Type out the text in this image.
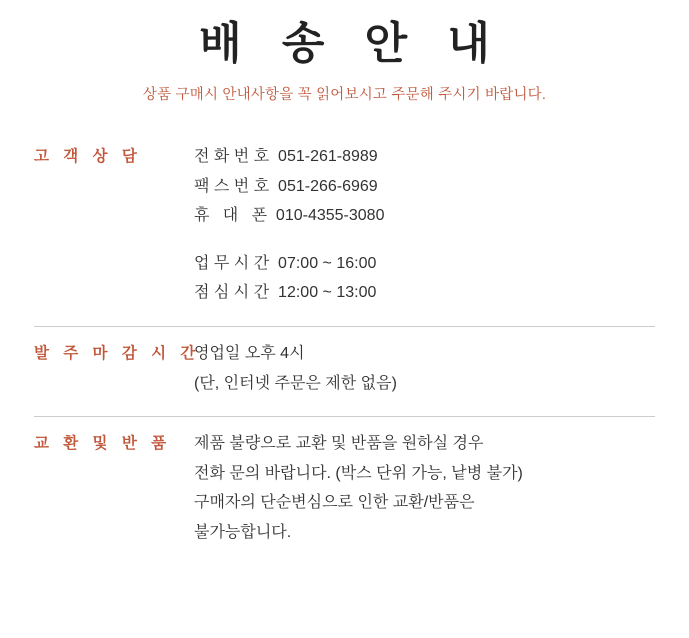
배 송 안 내
상품 구매시 안내사항을 꼭 읽어보시고 주문해 주시기 바랍니다.
고 객 상 담	전 화 번 호  051-261-8989
팩 스 번 호  051-266-6969
휴   대   폰  010-4355-3080
업 무 시 간  07:00 ~ 16:00
점 심 시 간  12:00 ~ 13:00
발 주 마 감 시 간
영업일 오후 4시
(단, 인터넷 주문은 제한 없음)
교 환 및 반 품	제품 불량으로 교환 및 반품을 원하실 경우
전화 문의 바랍니다. (박스 단위 가능, 낱병 불가)
구매자의 단순변심으로 인한 교환/반품은
불가능합니다.
